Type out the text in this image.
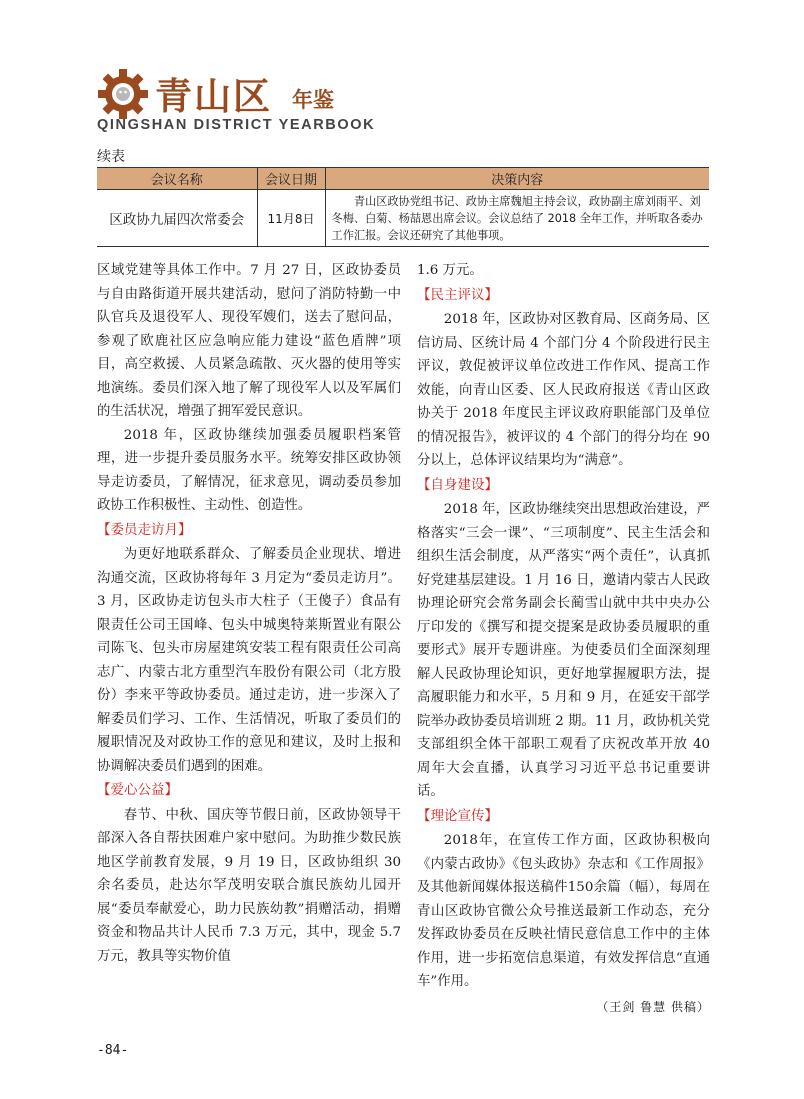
青山区 年鉴
QINGSHAN DISTRICT YEARBOOK
续表
会议名称	会议日期	决策内容
区政协九届四次常委会	11月8日	青山区政协党组书记、政协主席魏旭主持会议，政协副主席刘雨平、刘冬梅、白菊、杨喆恩出席会议。会议总结了 2018 全年工作，并听取各委办工作汇报。会议还研究了其他事项。

区域党建等具体工作中。7 月 27 日，区政协委员与自由路街道开展共建活动，慰问了消防特勤一中队官兵及退役军人、现役军嫂们，送去了慰问品，参观了欧鹿社区应急响应能力建设“蓝色盾牌”项目，高空救援、人员紧急疏散、灭火器的使用等实地演练。委员们深入地了解了现役军人以及军属们的生活状况，增强了拥军爱民意识。

2018 年，区政协继续加强委员履职档案管理，进一步提升委员服务水平。统筹安排区政协领导走访委员，了解情况，征求意见，调动委员参加政协工作积极性、主动性、创造性。

【委员走访月】

为更好地联系群众、了解委员企业现状、增进沟通交流，区政协将每年 3 月定为“委员走访月”。3 月，区政协走访包头市大柱子（王傻子）食品有限责任公司王国峰、包头中城奥特莱斯置业有限公司陈飞、包头市房屋建筑安装工程有限责任公司高志广、内蒙古北方重型汽车股份有限公司（北方股份）李来平等政协委员。通过走访，进一步深入了解委员们学习、工作、生活情况，听取了委员们的履职情况及对政协工作的意见和建议，及时上报和协调解决委员们遇到的困难。

【爱心公益】

春节、中秋、国庆等节假日前，区政协领导干部深入各自帮扶困难户家中慰问。为助推少数民族地区学前教育发展，9 月 19 日，区政协组织 30 余名委员，赴达尔罕茂明安联合旗民族幼儿园开展“委员奉献爱心，助力民族幼教”捐赠活动，捐赠资金和物品共计人民币 7.3 万元，其中，现金 5.7 万元，教具等实物价值

1.6 万元。

【民主评议】

2018 年，区政协对区教育局、区商务局、区信访局、区统计局 4 个部门分 4 个阶段进行民主评议，敦促被评议单位改进工作作风、提高工作效能，向青山区委、区人民政府报送《青山区政协关于 2018 年度民主评议政府职能部门及单位的情况报告》，被评议的 4 个部门的得分均在 90 分以上，总体评议结果均为“满意”。

【自身建设】

2018 年，区政协继续突出思想政治建设，严格落实“三会一课”、“三项制度”、民主生活会和组织生活会制度，从严落实“两个责任”，认真抓好党建基层建设。1 月 16 日，邀请内蒙古人民政协理论研究会常务副会长蔺雪山就中共中央办公厅印发的《撰写和提交提案是政协委员履职的重要形式》展开专题讲座。为使委员们全面深刻理解人民政协理论知识，更好地掌握履职方法，提高履职能力和水平，5 月和 9 月，在延安干部学院举办政协委员培训班 2 期。11 月，政协机关党支部组织全体干部职工观看了庆祝改革开放 40 周年大会直播，认真学习习近平总书记重要讲话。

【理论宣传】

2018年，在宣传工作方面，区政协积极向《内蒙古政协》《包头政协》杂志和《工作周报》及其他新闻媒体报送稿件150余篇（幅），每周在青山区政协官微公众号推送最新工作动态，充分发挥政协委员在反映社情民意信息工作中的主体作用，进一步拓宽信息渠道，有效发挥信息“直通车”作用。

（王剑 鲁慧 供稿）
-84-
